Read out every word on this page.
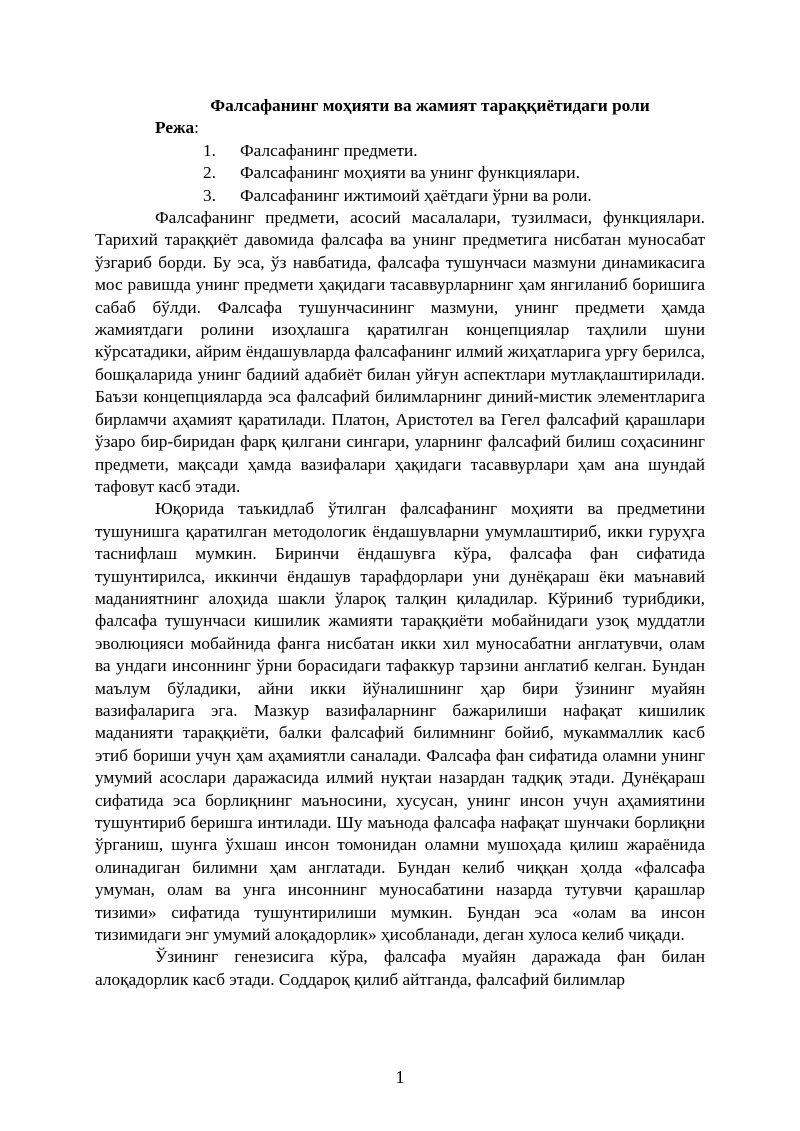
Фалсафанинг моҳияти ва жамият тараққиётидаги роли

Режа:

1. Фалсафанинг предмети.
2. Фалсафанинг моҳияти ва унинг функциялари.
3. Фалсафанинг ижтимоий ҳаётдаги ўрни ва роли.

Фалсафанинг предмети, асосий масалалари, тузилмаси, функциялари. Тарихий тараққиёт давомида фалсафа ва унинг предметига нисбатан муносабат ўзгариб борди. Бу эса, ўз навбатида, фалсафа тушунчаси мазмуни динамикасига мос равишда унинг предмети ҳақидаги тасаввурларнинг ҳам янгиланиб боришига сабаб бўлди. Фалсафа тушунчасининг мазмуни, унинг предмети ҳамда жамиятдаги ролини изоҳлашга қаратилган концепциялар таҳлили шуни кўрсатадики, айрим ёндашувларда фалсафанинг илмий жиҳатларига урғу берилса, бошқаларида унинг бадиий адабиёт билан уйғун аспектлари мутлақлаштирилади. Баъзи концепцияларда эса фалсафий билимларнинг диний-мистик элементларига бирламчи аҳамият қаратилади. Платон, Аристотел ва Гегел фалсафий қарашлари ўзаро бир-биридан фарқ қилгани сингари, уларнинг фалсафий билиш соҳасининг предмети, мақсади ҳамда вазифалари ҳақидаги тасаввурлари ҳам ана шундай тафовут касб этади.

Юқорида таъкидлаб ўтилган фалсафанинг моҳияти ва предметини тушунишга қаратилган методологик ёндашувларни умумлаштириб, икки гуруҳга таснифлаш мумкин. Биринчи ёндашувга кўра, фалсафа фан сифатида тушунтирилса, иккинчи ёндашув тарафдорлари уни дунёқараш ёки маънавий маданиятнинг алоҳида шакли ўлароқ талқин қиладилар. Кўриниб турибдики, фалсафа тушунчаси кишилик жамияти тараққиёти мобайнидаги узоқ муддатли эволюцияси мобайнида фанга нисбатан икки хил муносабатни англатувчи, олам ва ундаги инсоннинг ўрни борасидаги тафаккур тарзини англатиб келган. Бундан маълум бўладики, айни икки йўналишнинг ҳар бири ўзининг муайян вазифаларига эга. Мазкур вазифаларнинг бажарилиши нафақат кишилик маданияти тараққиёти, балки фалсафий билимнинг бойиб, мукаммаллик касб этиб бориши учун ҳам аҳамиятли саналади. Фалсафа фан сифатида оламни унинг умумий асослари даражасида илмий нуқтаи назардан тадқиқ этади. Дунёқараш сифатида эса борлиқнинг маъносини, хусусан, унинг инсон учун аҳамиятини тушунтириб беришга интилади. Шу маънода фалсафа нафақат шунчаки борлиқни ўрганиш, шунга ўхшаш инсон томонидан оламни мушоҳада қилиш жараёнида олинадиган билимни ҳам англатади. Бундан келиб чиққан ҳолда «фалсафа умуман, олам ва унга инсоннинг муносабатини назарда тутувчи қарашлар тизими» сифатида тушунтирилиши мумкин. Бундан эса «олам ва инсон тизимидаги энг умумий алоқадорлик» ҳисобланади, деган хулоса келиб чиқади.

Ўзининг генезисига кўра, фалсафа муайян даражада фан билан алоқадорлик касб этади. Соддароқ қилиб айтганда, фалсафий билимлар

1
